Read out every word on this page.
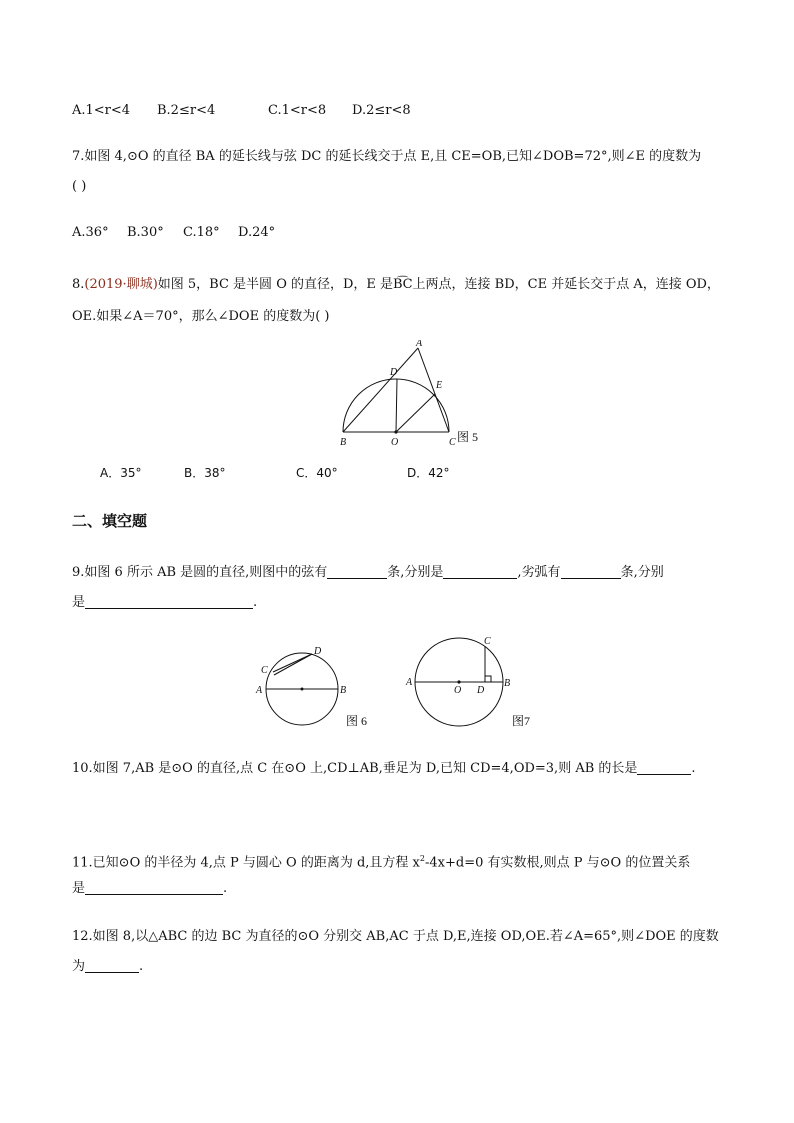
A.1<r<4 B.2≤r<4	C.1<r<8 D.2≤r<8
7.如图 4,⊙O 的直径 BA 的延长线与弦 DC 的延长线交于点 E,且 CE=OB,已知∠DOB=72°,则∠E 的度数为
( )
A.36° B.30° C.18° D.24°
8.(2019·聊城)如图 5，BC 是半圆 O 的直径，D，E 是B͡C上两点，连接 BD，CE 并延长交于点 A，连接 OD，
OE.如果∠A＝70°，那么∠DOE 的度数为( )
A
D
E
B	O	C 图 5
A．35°	B．38°	C．40°	D．42°
二、填空题
9.如图 6 所示 AB 是圆的直径,则图中的弦有	条,分别是	,劣弧有	条,分别
是	.
C
D
A	B
图 6
C
A
O D
B
图7
10.如图 7,AB 是⊙O 的直径,点 C 在⊙O 上,CD⊥AB,垂足为 D,已知 CD=4,OD=3,则 AB 的长是	.
11.已知⊙O 的半径为 4,点 P 与圆心 O 的距离为 d,且方程 $x^2-4x+d=0$ 有实数根,则点 P 与⊙O 的位置关系
是	.
12.如图 8,以△ABC 的边 BC 为直径的⊙O 分别交 AB,AC 于点 D,E,连接 OD,OE.若∠A=65°,则∠DOE 的度数
为	.
